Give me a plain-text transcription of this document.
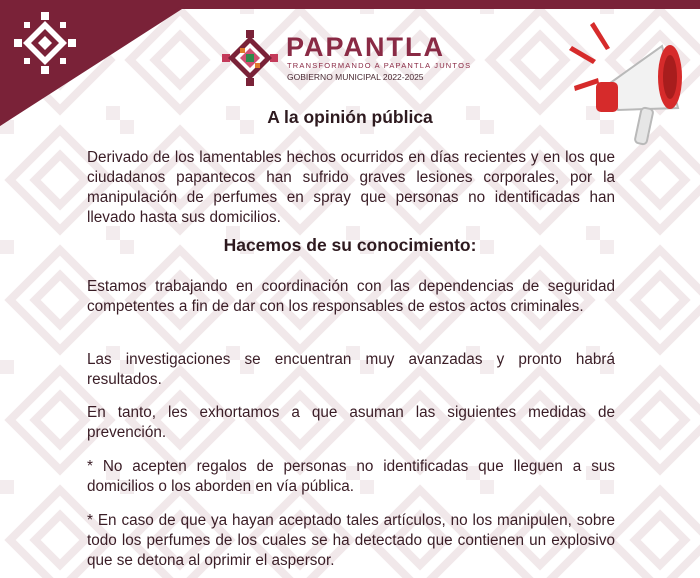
PAPANTLA
TRANSFORMANDO A PAPANTLA JUNTOS
GOBIERNO MUNICIPAL 2022-2025
A la opinión pública

Derivado de los lamentables hechos ocurridos en días recientes y en los que ciudadanos papantecos han sufrido graves lesiones corporales, por la manipulación de perfumes en spray que personas no identificadas han llevado hasta sus domicilios.

Hacemos de su conocimiento:

Estamos trabajando en coordinación con las dependencias de seguridad competentes a fin de dar con los responsables de estos actos criminales.

Las investigaciones se encuentran muy avanzadas y pronto habrá resultados.

En tanto, les exhortamos a que asuman las siguientes medidas de prevención.

* No acepten regalos de personas no identificadas que lleguen a sus domicilios o los aborden en vía pública.

* En caso de que ya hayan aceptado tales artículos, no los manipulen, sobre todo los perfumes de los cuales se ha detectado que contienen un explosivo que se detona al oprimir el aspersor.
